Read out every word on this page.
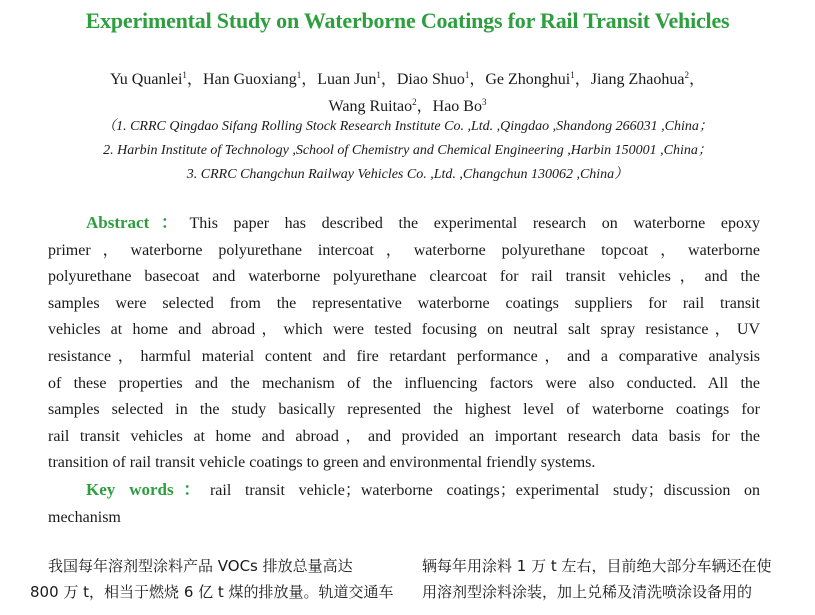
Experimental Study on Waterborne Coatings for Rail Transit Vehicles
Yu Quanlei$^1$，Han Guoxiang$^1$，Luan Jun$^1$，Diao Shuo$^1$，Ge Zhonghui$^1$，Jiang Zhaohua$^2$，
Wang Ruitao$^2$，Hao Bo$^3$
（1. CRRC Qingdao Sifang Rolling Stock Research Institute Co. ,Ltd. ,Qingdao ,Shandong 266031 ,China；
2. Harbin Institute of Technology ,School of Chemistry and Chemical Engineering ,Harbin 150001 ,China；
3. CRRC Changchun Railway Vehicles Co. ,Ltd. ,Changchun 130062 ,China）
Abstract：This paper has described the experimental research on waterborne epoxy
primer，waterborne polyurethane intercoat，waterborne polyurethane topcoat，waterborne
polyurethane basecoat and waterborne polyurethane clearcoat for rail transit vehicles，and the
samples were selected from the representative waterborne coatings suppliers for rail transit
vehicles at home and abroad，which were tested focusing on neutral salt spray resistance，UV
resistance，harmful material content and fire retardant performance，and a comparative analysis
of these properties and the mechanism of the influencing factors were also conducted. All the
samples selected in the study basically represented the highest level of waterborne coatings for
rail transit vehicles at home and abroad，and provided an important research data basis for the
transition of rail transit vehicle coatings to green and environmental friendly systems.
Key words：rail transit vehicle；waterborne coatings；experimental study；discussion on
mechanism
我国每年溶剂型涂料产品 VOCs 排放总量高达
800 万 t，相当于燃烧 6 亿 t 煤的排放量。轨道交通车
辆每年用涂料 1 万 t 左右，目前绝大部分车辆还在使
用溶剂型涂料涂装，加上兑稀及清洗喷涂设备用的
